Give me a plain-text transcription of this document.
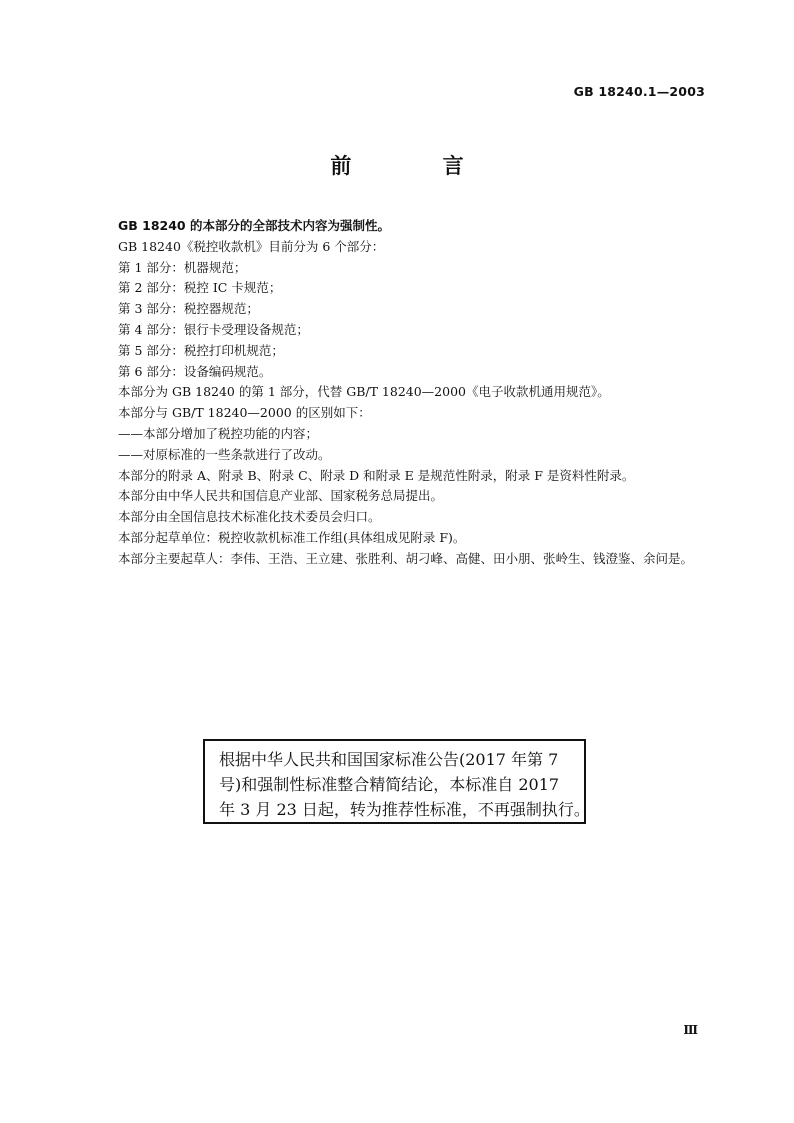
GB 18240.1—2003
前 言
GB 18240 的本部分的全部技术内容为强制性。
GB 18240《税控收款机》目前分为 6 个部分：
第 1 部分：机器规范；
第 2 部分：税控 IC 卡规范；
第 3 部分：税控器规范；
第 4 部分：银行卡受理设备规范；
第 5 部分：税控打印机规范；
第 6 部分：设备编码规范。
本部分为 GB 18240 的第 1 部分，代替 GB/T 18240—2000《电子收款机通用规范》。
本部分与 GB/T 18240—2000 的区别如下：
——本部分增加了税控功能的内容；
——对原标准的一些条款进行了改动。
本部分的附录 A、附录 B、附录 C、附录 D 和附录 E 是规范性附录，附录 F 是资料性附录。
本部分由中华人民共和国信息产业部、国家税务总局提出。
本部分由全国信息技术标准化技术委员会归口。
本部分起草单位：税控收款机标准工作组(具体组成见附录 F)。
本部分主要起草人：李伟、王浩、王立建、张胜利、胡刁峰、高健、田小朋、张岭生、钱澄鉴、余问是。
根据中华人民共和国国家标准公告(2017 年第 7
号)和强制性标准整合精简结论，本标准自 2017
年 3 月 23 日起，转为推荐性标准，不再强制执行。
Ⅲ
